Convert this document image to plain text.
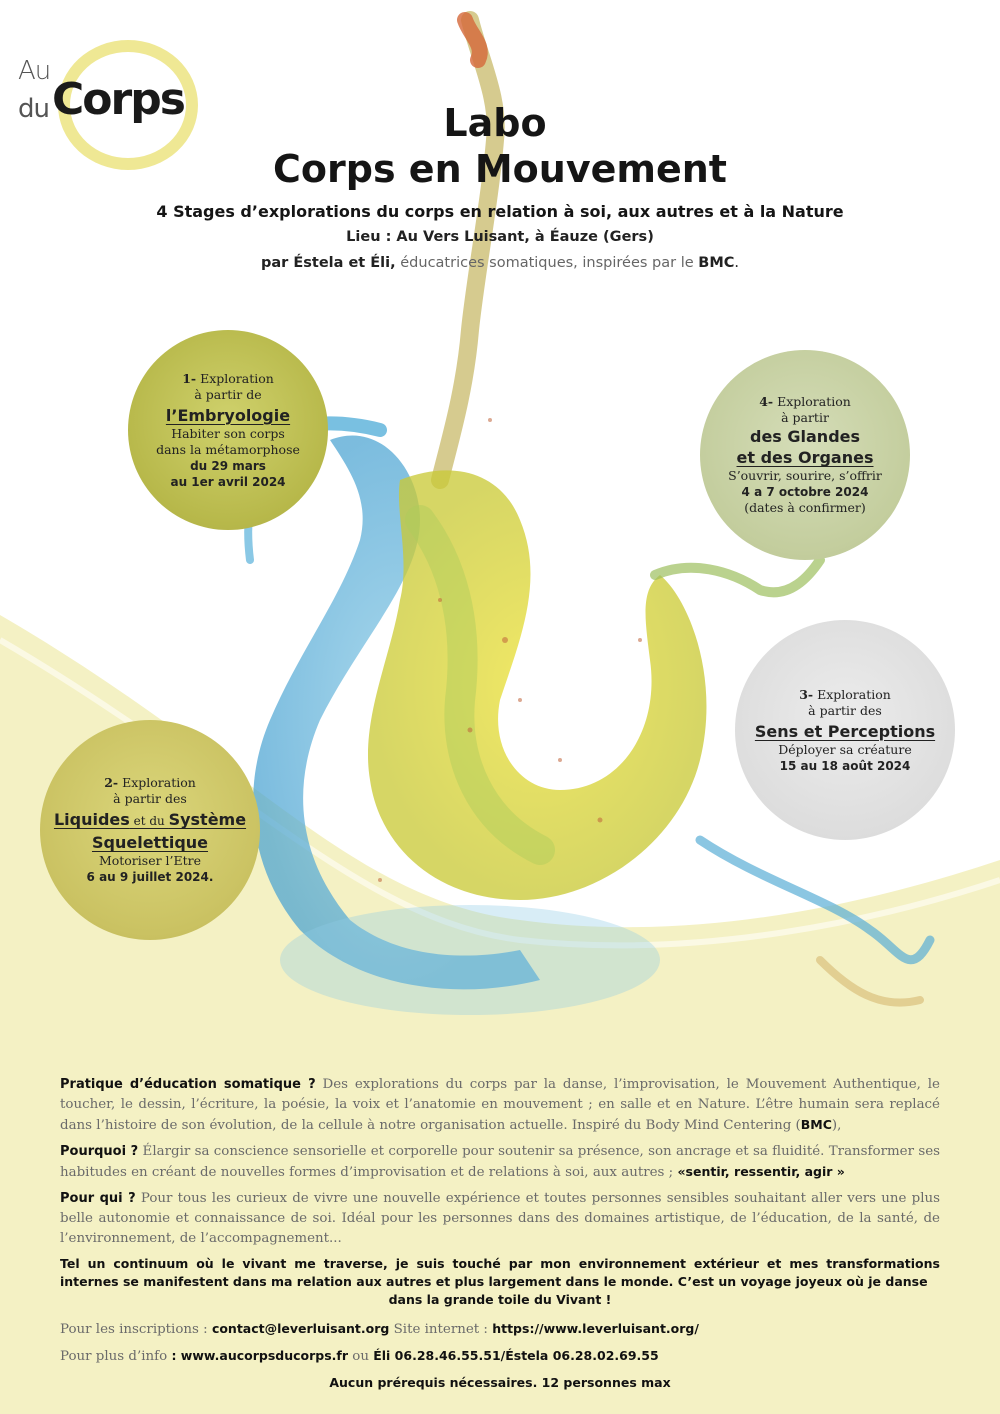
Au
du Corps	Labo
Corps en Mouvement
4 Stages d’explorations du corps en relation à soi, aux autres et à la Nature
Lieu : Au Vers Luisant, à Éauze (Gers)
par Éstela et Éli, éducatrices somatiques, inspirées par le BMC.
1- Exploration
à partir de
l’Embryologie
Habiter son corps
dans la métamorphose
du 29 mars
au 1er avril 2024
4- Exploration
à partir
des Glandes
et des Organes
S’ouvrir, sourire, s’offrir
4 a 7 octobre 2024
(dates à confirmer)
3- Exploration
à partir des
Sens et Perceptions
Déployer sa créature
15 au 18 août 2024
2- Exploration
à partir des
Liquides et du Système
Squelettique
Motoriser l’Etre
6 au 9 juillet 2024.

Pratique d’éducation somatique ? Des explorations du corps par la danse, l’improvisation, le Mouvement Authentique, le toucher, le dessin, l’écriture, la poésie, la voix et l’anatomie en mouvement ; en salle et en Nature. L’être humain sera replacé dans l’histoire de son évolution, de la cellule à notre organisation actuelle. Inspiré du Body Mind Centering (BMC),

Pourquoi ? Élargir sa conscience sensorielle et corporelle pour soutenir sa présence, son ancrage et sa fluidité. Transformer ses habitudes en créant de nouvelles formes d’improvisation et de relations à soi, aux autres ; «sentir, ressentir, agir »

Pour qui ? Pour tous les curieux de vivre une nouvelle expérience et toutes personnes sensibles souhaitant aller vers une plus belle autonomie et connaissance de soi. Idéal pour les personnes dans des domaines artistique, de l’éducation, de la santé, de l’environnement, de l’accompagnement...

Tel un continuum où le vivant me traverse, je suis touché par mon environnement extérieur et mes transformations internes se manifestent dans ma relation aux autres et plus largement dans le monde. C’est un voyage joyeux où je danse
dans la grande toile du Vivant !
Pour les inscriptions : contact@leverluisant.org Site internet : https://www.leverluisant.org/
Pour plus d’info : www.aucorpsducorps.fr ou Éli 06.28.46.55.51/Éstela 06.28.02.69.55
Aucun prérequis nécessaires. 12 personnes max
